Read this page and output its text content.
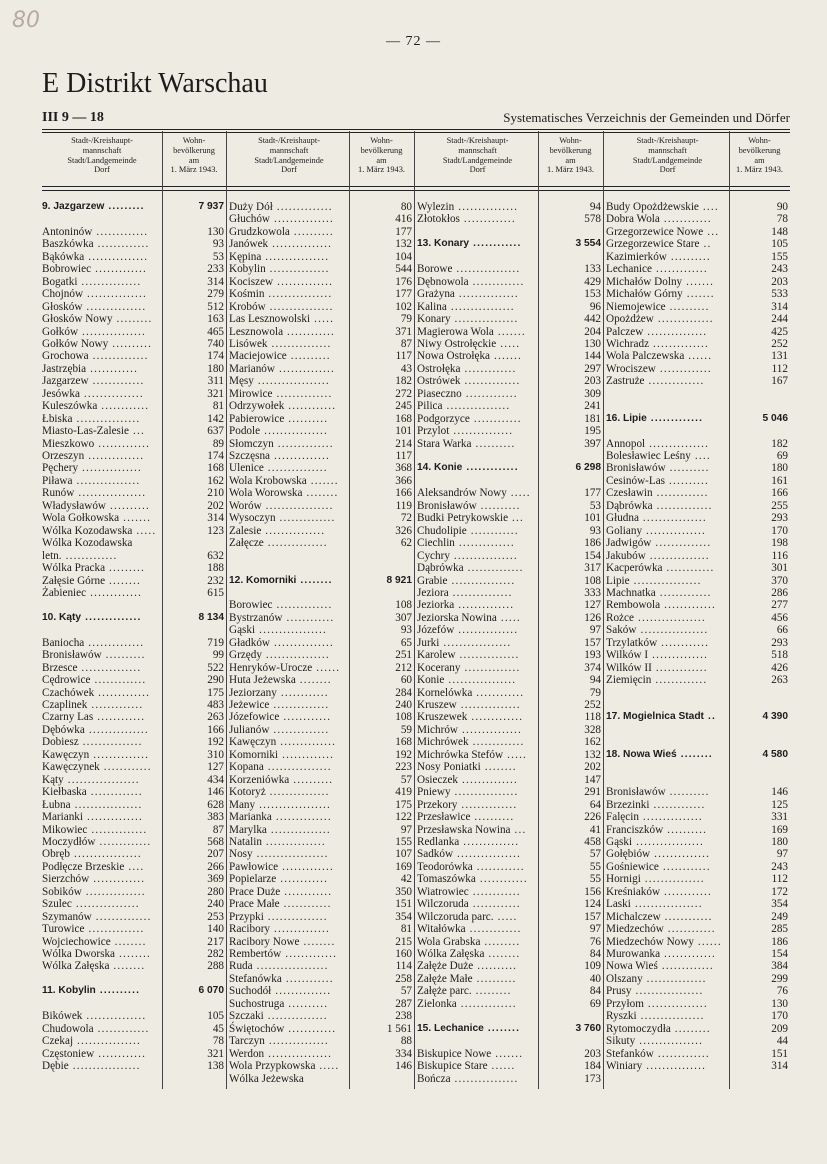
80
— 72 —
E Distrikt Warschau
III 9 — 18	Systematisches Verzeichnis der Gemeinden und Dörfer
Stadt-/Kreishaupt-
mannschaft
Stadt/Landgemeinde
Dorf
Wohn-
bevölkerung
am
1. März 1943.
Stadt-/Kreishaupt-
mannschaft
Stadt/Landgemeinde
Dorf
Wohn-
bevölkerung
am
1. März 1943.
Stadt-/Kreishaupt-
mannschaft
Stadt/Landgemeinde
Dorf
Wohn-
bevölkerung
am
1. März 1943.
Stadt-/Kreishaupt-
mannschaft
Stadt/Landgemeinde
Dorf
Wohn-
bevölkerung
am
1. März 1943.
9. Jazgarzew .........	7 937
Antoninów .............	130
Baszkówka .............	93
Bąkówka ...............	53
Bobrowiec .............	233
Bogatki ...............	314
Chojnów ...............	279
Głosków ...............	512
Głosków Nowy .........	163
Gołków ................	465
Gołków Nowy ..........	740
Grochowa ..............	174
Jastrzębia ............	180
Jazgarzew .............	311
Jesówka ...............	321
Kuleszówka ............	81
Łbiska ................	142
Miasto-Las-Zalesie ...	637
Mieszkowo .............	89
Orzeszyn ..............	174
Pęchery ...............	168
Piława ................	162
Runów .................	210
Władysławów ..........	202
Wola Gołkowska .......	314
Wólka Kozodawska .....	123
Wólka Kozodawska
letn. .............	632
Wólka Pracka .........	188
Załęsie Górne ........	232
Żabieniec .............	615
10. Kąty ..............	8 134
Baniocha ..............	719
Bronisławów ..........	99
Brzesce ...............	522
Cędrowice .............	290
Czachówek .............	175
Czaplinek .............	483
Czarny Las ............	263
Dębówka ...............	166
Dobiesz ...............	192
Kawęczyn ..............	310
Kawęczynek ............	127
Kąty ..................	434
Kiełbaska .............	146
Łubna .................	628
Marianki ..............	383
Mikowiec ..............	87
Moczydłów .............	568
Obręb .................	207
Podłęcze Brzeskie ....	266
Sierzchów .............	369
Sobików ...............	280
Szulec ................	240
Szymanów ..............	253
Turowice ..............	140
Wojciechowice ........	217
Wólka Dworska ........	282
Wólka Załęska ........	288
11. Kobylin ..........	6 070
Bikówek ...............	105
Chudowola .............	45
Czekaj ................	78
Częstoniew ............	321
Dębie .................	138
Duży Dół ..............	80
Głuchów ...............	416
Grudzkowola ..........	177
Janówek ...............	132
Kępina ................	104
Kobylin ...............	544
Kociszew ..............	176
Kośmin ................	177
Krobów ................	102
Las Lesznowolski .....	79
Lesznowola ............	371
Lisówek ...............	87
Maciejowice ..........	117
Marianów ..............	43
Męsy ..................	182
Mirowice ..............	272
Odrzywołek ............	245
Pabierowice ..........	168
Podole ................	101
Słomczyn ..............	214
Szczęsna ..............	117
Ulenice ...............	368
Wola Krobowska .......	366
Wola Worowska ........	166
Worów .................	119
Wysoczyn ..............	72
Zalesie ...............	326
Załęcze ...............	62
12. Komorniki ........	8 921
Borowiec ..............	108
Bystrzanów ............	307
Gąski .................	93
Gładków ...............	65
Grzędy ................	251
Henryków-Urocze ......	212
Huta Jeżewska ........	60
Jeziorzany ............	284
Jeżewice ..............	240
Józefowice ............	108
Julianów ..............	59
Kawęczyn ..............	168
Komorniki .............	192
Kopana ................	223
Korzeniówka ..........	57
Kotoryż ...............	419
Many ..................	175
Marianka ..............	122
Marylka ...............	97
Natalin ...............	155
Nosy ..................	107
Pawłowice .............	169
Popielarze ............	42
Prace Duże ............	350
Prace Małe ............	151
Przypki ...............	354
Racibory ..............	81
Racibory Nowe ........	215
Rembertów .............	160
Ruda ..................	114
Stefanówka ............	258
Suchodół ..............	57
Suchostruga ..........	287
Szczaki ...............	238
Świętochów ............	1 561
Tarczyn ...............	88
Werdon ................	334
Wola Przypkowska .....	146
Wólka Jeżewska
Wylezin ...............	94
Złotokłos .............	578
13. Konary ............	3 554
Borowe ................	133
Dębnowola .............	429
Grażyna ...............	153
Kalina ................	96
Konary ................	442
Magierowa Wola .......	204
Niwy Ostrołęckie .....	130
Nowa Ostrołęka .......	144
Ostrołęka .............	297
Ostrówek ..............	203
Piaseczno .............	309
Pilica ................	241
Podgorzyce ............	181
Przylot ...............	195
Stara Warka ..........	397
14. Konie .............	6 298
Aleksandrów Nowy .....	177
Bronisławów ..........	53
Budki Petrykowskie ...	101
Chudolipie ............	93
Ciechlin ..............	186
Cychry ................	154
Dąbrówka ..............	317
Grabie ................	108
Jeziora ...............	333
Jeziorka ..............	127
Jeziorska Nowina .....	126
Józefów ...............	97
Jurki .................	157
Karolew ...............	193
Kocerany ..............	374
Konie .................	94
Kornelówka ............	79
Kruszew ...............	252
Kruszewek .............	118
Michrów ...............	328
Michrówek .............	162
Michrówka Stefów .....	132
Nosy Poniatki ........	202
Osieczek ..............	147
Pniewy ................	291
Przekory ..............	64
Przesławice ..........	226
Przesławska Nowina ...	41
Redlanka ..............	458
Sadków ................	57
Teodorówka ............	55
Tomaszówka ............	55
Wiatrowiec ............	156
Wilczoruda ............	124
Wilczoruda parc. .....	157
Witałówka .............	97
Wola Grabska .........	76
Wólka Załęska ........	84
Załęże Duże ..........	109
Załęże Małe ..........	40
Załęże parc. .........	84
Zielonka ..............	69
15. Lechanice ........	3 760
Biskupice Nowe .......	203
Biskupice Stare ......	184
Bończa ................	173
Budy Opożdżewskie ....	90
Dobra Wola ............	78
Grzegorzewice Nowe ...	148
Grzegorzewice Stare ..	105
Kazimierków ..........	155
Lechanice .............	243
Michałów Dolny .......	203
Michałów Górny .......	533
Niemojewice ..........	314
Opożdżew ..............	244
Palczew ...............	425
Wichradz ..............	252
Wola Palczewska ......	131
Wrociszew .............	112
Zastruże ..............	167
16. Lipie .............	5 046
Annopol ...............	182
Bolesławiec Leśny ....	69
Bronisławów ..........	180
Cesinów-Las ..........	161
Czesławin .............	166
Dąbrówka ..............	255
Głudna ................	293
Goliany ...............	170
Jadwigów ..............	198
Jakubów ...............	116
Kacperówka ............	301
Lipie .................	370
Machnatka .............	286
Rembowola .............	277
Rożce .................	456
Saków .................	66
Trzylatków ............	293
Wilków I ..............	518
Wilków II .............	426
Ziemięcin .............	263
17. Mogielnica Stadt ..	4 390
18. Nowa Wieś ........	4 580
Bronisławów ..........	146
Brzezinki .............	125
Falęcin ...............	331
Franciszków ..........	169
Gąski .................	180
Gołębiów ..............	97
Gośniewice ............	243
Hornigi ...............	112
Kreśniaków ............	172
Laski .................	354
Michalczew ............	249
Miedzechów ............	285
Miedzechów Nowy ......	186
Murowanka .............	154
Nowa Wieś .............	384
Olszany ...............	299
Prusy .................	76
Przyłom ...............	130
Ryszki ................	170
Rytomoczydła .........	209
Sikuty ................	44
Stefanków .............	151
Winiary ...............	314
